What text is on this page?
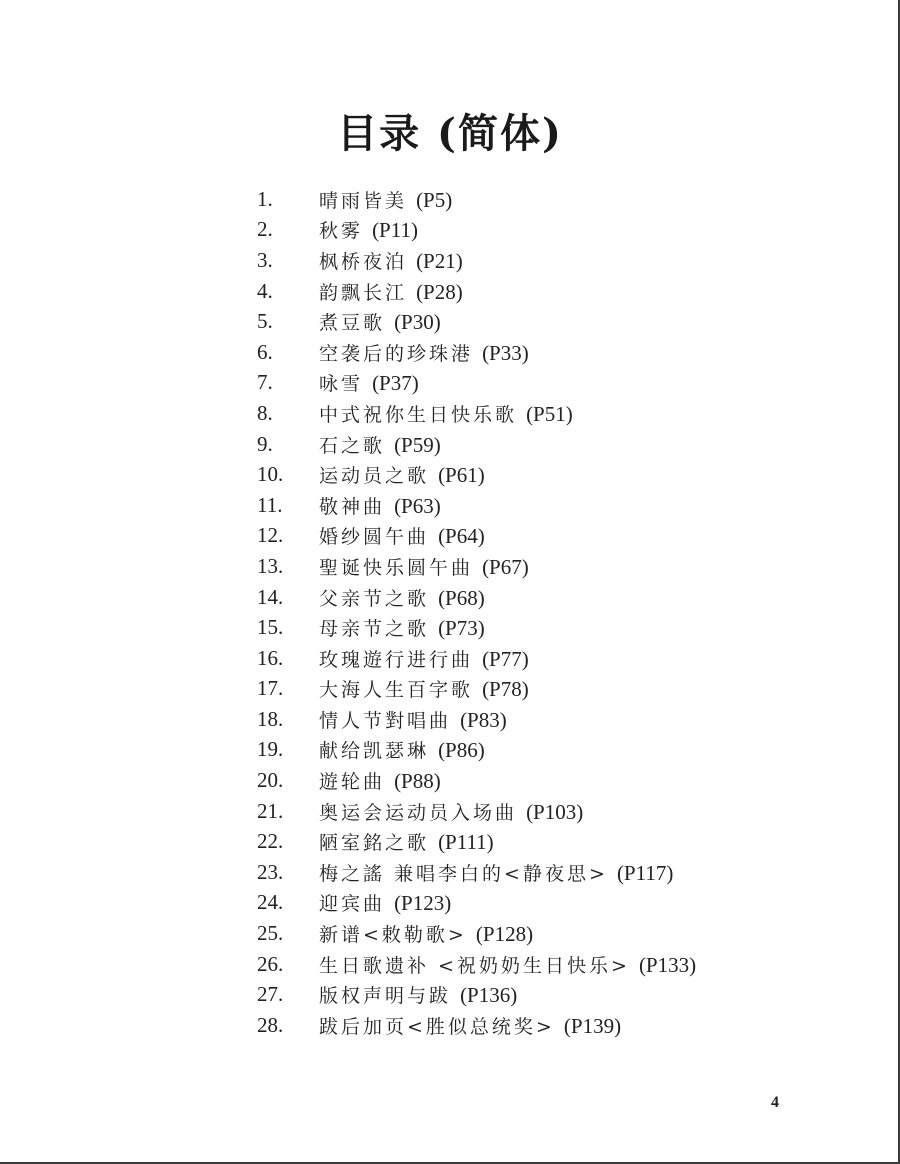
目录 (简体)
1.	晴雨皆美 (P5)
2.	秋雾 (P11)
3.	枫桥夜泊 (P21)
4.	韵飘长江 (P28)
5.	煮豆歌 (P30)
6.	空袭后的珍珠港 (P33)
7.	咏雪 (P37)
8.	中式祝你生日快乐歌 (P51)
9.	石之歌 (P59)
10.	运动员之歌 (P61)
11.	敬神曲 (P63)
12.	婚纱圆午曲 (P64)
13.	聖诞快乐圆午曲 (P67)
14.	父亲节之歌 (P68)
15.	母亲节之歌 (P73)
16.	玫瑰遊行进行曲 (P77)
17.	大海人生百字歌 (P78)
18.	情人节對唱曲 (P83)
19.	献给凯瑟琳 (P86)
20.	遊轮曲 (P88)
21.	奥运会运动员入场曲 (P103)
22.	陋室銘之歌 (P111)
23.	梅之謠 兼唱李白的<静夜思> (P117)
24.	迎宾曲 (P123)
25.	新谱<敕勒歌> (P128)
26.	生日歌遗补 <祝奶奶生日快乐> (P133)
27.	版权声明与跋 (P136)
28.	跋后加页<胜似总统奖> (P139)
4
